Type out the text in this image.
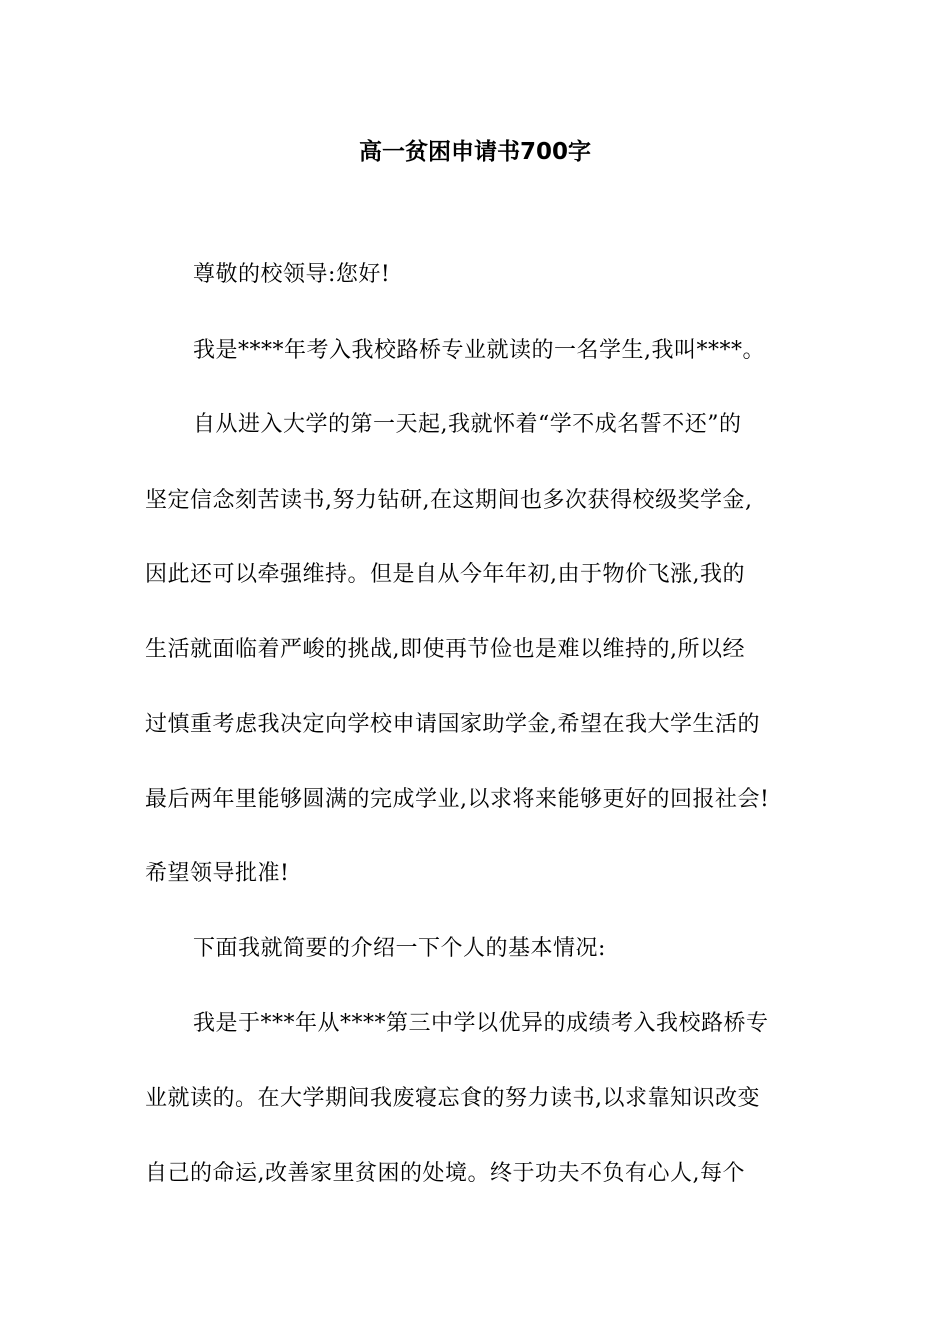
高一贫困申请书700字
尊敬的校领导:您好!
我是****年考入我校路桥专业就读的一名学生,我叫****。
自从进入大学的第一天起,我就怀着“学不成名誓不还”的
坚定信念刻苦读书,努力钻研,在这期间也多次获得校级奖学金,
因此还可以牵强维持。但是自从今年年初,由于物价飞涨,我的
生活就面临着严峻的挑战,即使再节俭也是难以维持的,所以经
过慎重考虑我决定向学校申请国家助学金,希望在我大学生活的
最后两年里能够圆满的完成学业,以求将来能够更好的回报社会!
希望领导批准!
下面我就简要的介绍一下个人的基本情况:
我是于***年从****第三中学以优异的成绩考入我校路桥专
业就读的。在大学期间我废寝忘食的努力读书,以求靠知识改变
自己的命运,改善家里贫困的处境。终于功夫不负有心人,每个
